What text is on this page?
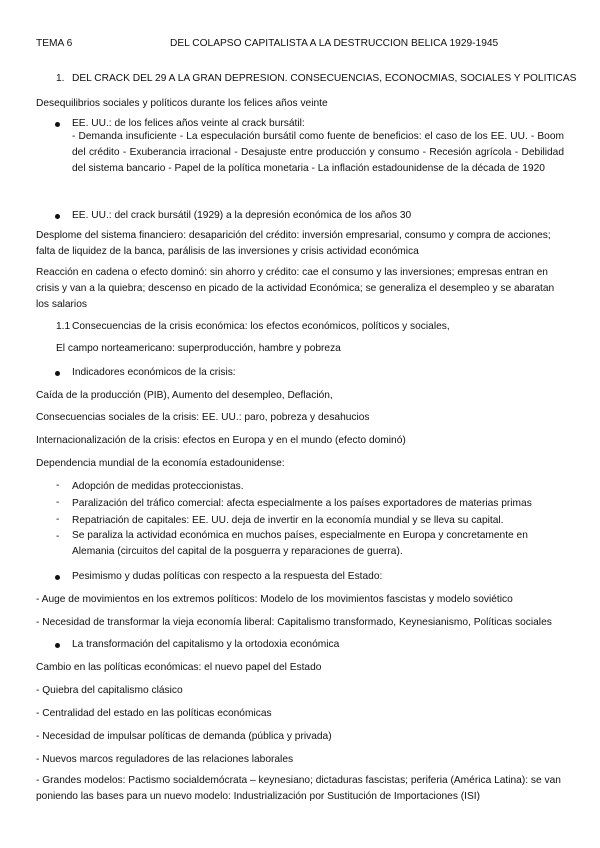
TEMA 6	DEL COLAPSO CAPITALISTA A LA DESTRUCCION BELICA 1929-1945
1. DEL CRACK DEL 29 A LA GRAN DEPRESION. CONSECUENCIAS, ECONOCMIAS, SOCIALES Y POLITICAS
Desequilibrios sociales y políticos durante los felices años veinte
EE. UU.: de los felices años veinte al crack bursátil:
- Demanda insuficiente - La especulación bursátil como fuente de beneficios: el caso de los EE. UU. - Boom del crédito - Exuberancia irracional - Desajuste entre producción y consumo - Recesión agrícola - Debilidad del sistema bancario - Papel de la política monetaria - La inflación estadounidense de la década de 1920
EE. UU.: del crack bursátil (1929) a la depresión económica de los años 30
Desplome del sistema financiero: desaparición del crédito: inversión empresarial, consumo y compra de acciones; falta de liquidez de la banca, parálisis de las inversiones y crisis actividad económica
Reacción en cadena o efecto dominó: sin ahorro y crédito: cae el consumo y las inversiones; empresas entran en crisis y van a la quiebra; descenso en picado de la actividad Económica; se generaliza el desempleo y se abaratan los salarios
1.1 Consecuencias de la crisis económica: los efectos económicos, políticos y sociales,
El campo norteamericano: superproducción, hambre y pobreza
Indicadores económicos de la crisis:
Caída de la producción (PIB), Aumento del desempleo, Deflación,
Consecuencias sociales de la crisis: EE. UU.: paro, pobreza y desahucios
Internacionalización de la crisis: efectos en Europa y en el mundo (efecto dominó)
Dependencia mundial de la economía estadounidense:
- Adopción de medidas proteccionistas.
- Paralización del tráfico comercial: afecta especialmente a los países exportadores de materias primas
- Repatriación de capitales: EE. UU. deja de invertir en la economía mundial y se lleva su capital.
- Se paraliza la actividad económica en muchos países, especialmente en Europa y concretamente en Alemania (circuitos del capital de la posguerra y reparaciones de guerra).
Pesimismo y dudas políticas con respecto a la respuesta del Estado:
- Auge de movimientos en los extremos políticos: Modelo de los movimientos fascistas y modelo soviético
- Necesidad de transformar la vieja economía liberal: Capitalismo transformado, Keynesianismo, Políticas sociales
La transformación del capitalismo y la ortodoxia económica
Cambio en las políticas económicas: el nuevo papel del Estado
- Quiebra del capitalismo clásico
- Centralidad del estado en las políticas económicas
- Necesidad de impulsar políticas de demanda (pública y privada)
- Nuevos marcos reguladores de las relaciones laborales
- Grandes modelos: Pactismo socialdemócrata – keynesiano; dictaduras fascistas; periferia (América Latina): se van poniendo las bases para un nuevo modelo: Industrialización por Sustitución de Importaciones (ISI)
